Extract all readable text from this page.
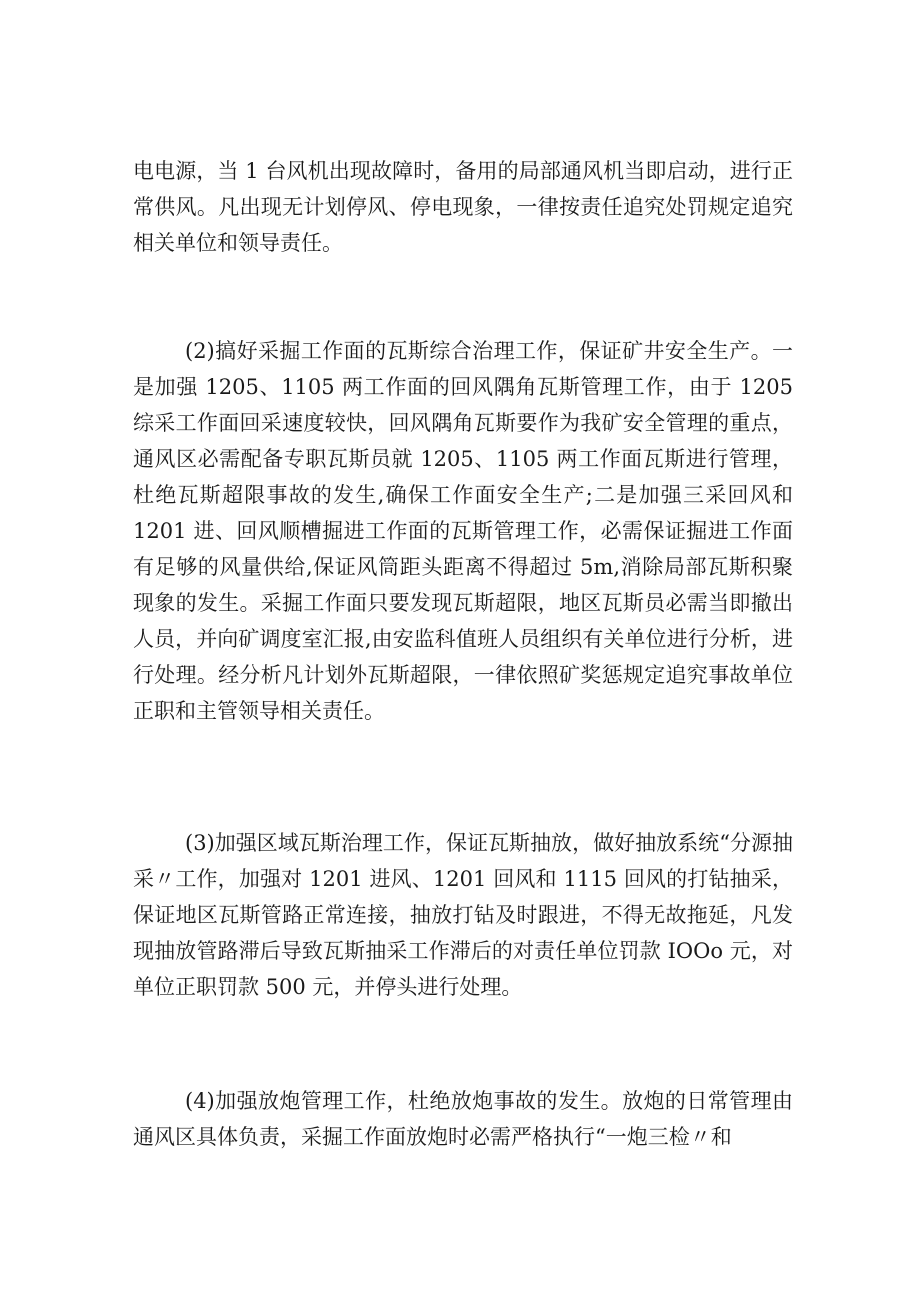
电电源，当 1 台风机出现故障时，备用的局部通风机当即启动，进行正常供风。凡出现无计划停风、停电现象，一律按责任追究处罚规定追究相关单位和领导责任。

(2)搞好采掘工作面的瓦斯综合治理工作，保证矿井安全生产。一是加强 1205、1105 两工作面的回风隅角瓦斯管理工作，由于 1205 综采工作面回采速度较快，回风隅角瓦斯要作为我矿安全管理的重点，通风区必需配备专职瓦斯员就 1205、1105 两工作面瓦斯进行管理，杜绝瓦斯超限事故的发生,确保工作面安全生产;二是加强三采回风和 1201 进、回风顺槽掘进工作面的瓦斯管理工作，必需保证掘进工作面有足够的风量供给,保证风筒距头距离不得超过 5m,消除局部瓦斯积聚现象的发生。采掘工作面只要发现瓦斯超限，地区瓦斯员必需当即撤出人员，并向矿调度室汇报,由安监科值班人员组织有关单位进行分析，进行处理。经分析凡计划外瓦斯超限，一律依照矿奖惩规定追究事故单位正职和主管领导相关责任。

(3)加强区域瓦斯治理工作，保证瓦斯抽放，做好抽放系统“分源抽采〃工作，加强对 1201 进风、1201 回风和 1115 回风的打钻抽采，保证地区瓦斯管路正常连接，抽放打钻及时跟进，不得无故拖延，凡发现抽放管路滞后导致瓦斯抽采工作滞后的对责任单位罚款 IOOo 元，对单位正职罚款 500 元，并停头进行处理。

(4)加强放炮管理工作，杜绝放炮事故的发生。放炮的日常管理由通风区具体负责，采掘工作面放炮时必需严格执行“一炮三检〃和
